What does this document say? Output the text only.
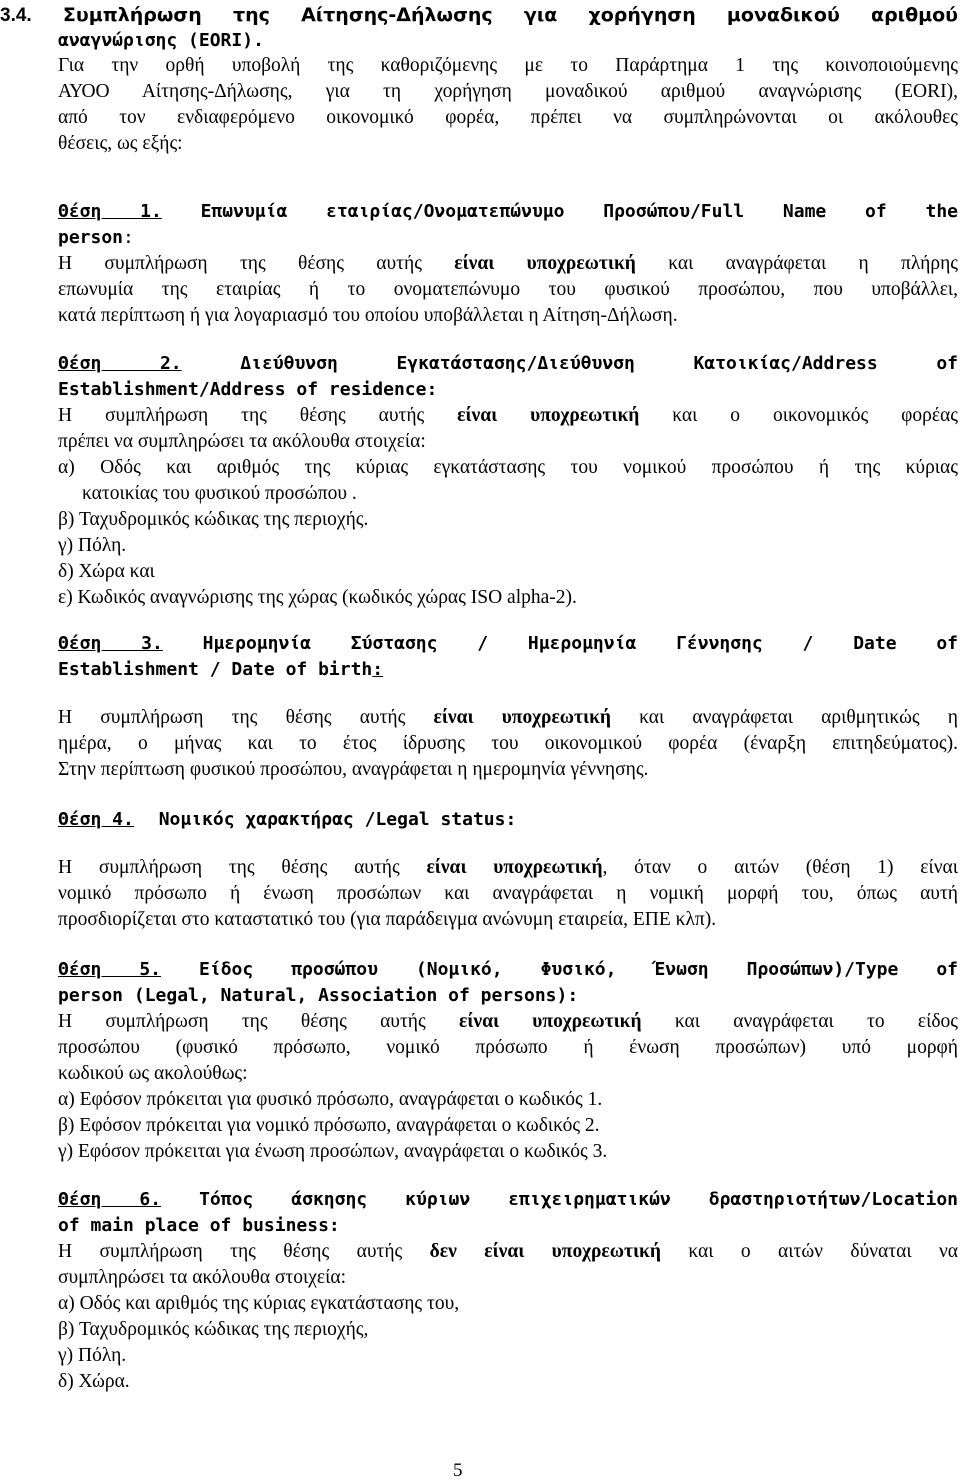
3.4. Συμπλήρωση της Αίτησης-Δήλωσης για χορήγηση μοναδικού αριθμού
αναγνώρισης (EORI).
Για την ορθή υποβολή της καθοριζόμενης με το Παράρτημα 1 της κοινοποιούμενης
ΑΥΟΟ Αίτησης-Δήλωσης, για τη χορήγηση μοναδικού αριθμού αναγνώρισης (EORI),
από τον ενδιαφερόμενο οικονομικό φορέα, πρέπει να συμπληρώνονται οι ακόλουθες
θέσεις, ως εξής:
Θέση 1. Επωνυμία εταιρίας/Ονοματεπώνυμο Προσώπου/Full Name of the
person:
Η συμπλήρωση της θέσης αυτής είναι υποχρεωτική και αναγράφεται η πλήρης
επωνυμία της εταιρίας ή το ονοματεπώνυμο του φυσικού προσώπου, που υποβάλλει,
κατά περίπτωση ή για λογαριασμό του οποίου υποβάλλεται η Αίτηση-Δήλωση.
Θέση 2.	Διεύθυνση Εγκατάστασης/Διεύθυνση Κατοικίας/Address of
Establishment/Address of residence:
Η συμπλήρωση της θέσης αυτής είναι υποχρεωτική και ο οικονομικός φορέας
πρέπει να συμπληρώσει τα ακόλουθα στοιχεία:
α) Οδός και αριθμός της κύριας εγκατάστασης του νομικού προσώπου ή της κύριας
κατοικίας του φυσικού προσώπου .
β) Ταχυδρομικός κώδικας της περιοχής.
γ) Πόλη.
δ) Χώρα και
ε) Κωδικός αναγνώρισης της χώρας (κωδικός χώρας ISO alpha-2).
Θέση 3. Ημερομηνία Σύστασης / Ημερομηνία Γέννησης / Date of
Establishment / Date of birth:
Η συμπλήρωση της θέσης αυτής είναι υποχρεωτική και αναγράφεται αριθμητικώς η
ημέρα, ο μήνας και το έτος ίδρυσης του οικονομικού φορέα (έναρξη επιτηδεύματος).
Στην περίπτωση φυσικού προσώπου, αναγράφεται η ημερομηνία γέννησης.
Θέση 4. Νομικός χαρακτήρας /Legal status:
Η συμπλήρωση της θέσης αυτής είναι υποχρεωτική, όταν ο αιτών (θέση 1) είναι
νομικό πρόσωπο ή ένωση προσώπων και αναγράφεται η νομική μορφή του, όπως αυτή
προσδιορίζεται στο καταστατικό του (για παράδειγμα ανώνυμη εταιρεία, ΕΠΕ κλπ).
Θέση 5. Είδος προσώπου (Νομικό, Φυσικό, Ένωση Προσώπων)/Type of
person (Legal, Natural, Association of persons):
Η συμπλήρωση της θέσης αυτής είναι υποχρεωτική και αναγράφεται το είδος
προσώπου (φυσικό πρόσωπο, νομικό πρόσωπο ή ένωση προσώπων) υπό μορφή
κωδικού ως ακολούθως:
α) Εφόσον πρόκειται για φυσικό πρόσωπο, αναγράφεται ο κωδικός 1.
β) Εφόσον πρόκειται για νομικό πρόσωπο, αναγράφεται ο κωδικός 2.
γ) Εφόσον πρόκειται για ένωση προσώπων, αναγράφεται ο κωδικός 3.
Θέση 6. Τόπος άσκησης κύριων επιχειρηματικών δραστηριοτήτων/Location
of main place of business:
Η συμπλήρωση της θέσης αυτής δεν είναι υποχρεωτική και ο αιτών δύναται να
συμπληρώσει τα ακόλουθα στοιχεία:
α) Οδός και αριθμός της κύριας εγκατάστασης του,
β) Ταχυδρομικός κώδικας της περιοχής,
γ) Πόλη.
δ) Χώρα.
5
